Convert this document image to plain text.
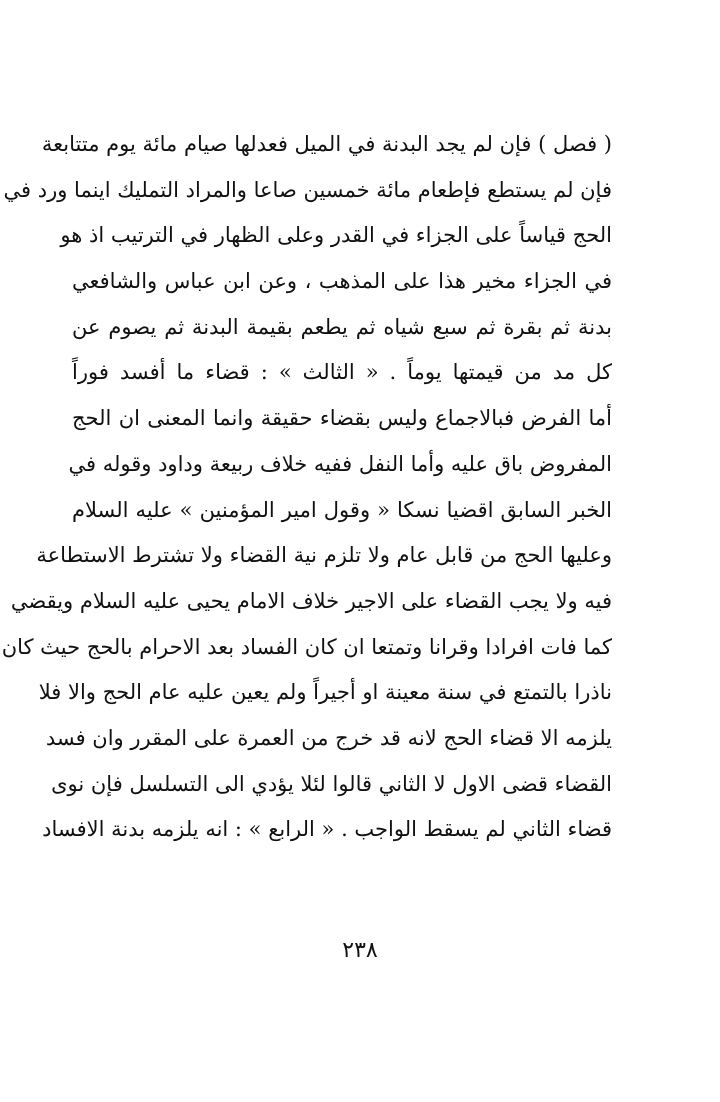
( فصل ) فإن لم يجد البدنة في الميل فعدلها صيام مائة يوم متتابعة
فإن لم يستطع فإطعام مائة خمسين صاعا والمراد التمليك اينما ورد في
الحج قياساً على الجزاء في القدر وعلى الظهار في الترتيب اذ هو
في الجزاء مخير هذا على المذهب ، وعن ابن عباس والشافعي
بدنة ثم بقرة ثم سبع شياه ثم يطعم بقيمة البدنة ثم يصوم عن
كل مد من قيمتها يوماً . « الثالث » : قضاء ما أفسد فوراً
أما الفرض فبالاجماع وليس بقضاء حقيقة وانما المعنى ان الحج
المفروض باق عليه وأما النفل ففيه خلاف ربيعة وداود وقوله في
الخبر السابق اقضيا نسكا « وقول امير المؤمنين » عليه السلام
وعليها الحج من قابل عام ولا تلزم نية القضاء ولا تشترط الاستطاعة
فيه ولا يجب القضاء على الاجير خلاف الامام يحيى عليه السلام ويقضي
كما فات افرادا وقرانا وتمتعا ان كان الفساد بعد الاحرام بالحج حيث كان
ناذرا بالتمتع في سنة معينة او أجيراً ولم يعين عليه عام الحج والا فلا
يلزمه الا قضاء الحج لانه قد خرج من العمرة على المقرر وان فسد
القضاء قضى الاول لا الثاني قالوا لئلا يؤدي الى التسلسل فإن نوى
قضاء الثاني لم يسقط الواجب . « الرابع » : انه يلزمه بدنة الافساد
٢٣٨
